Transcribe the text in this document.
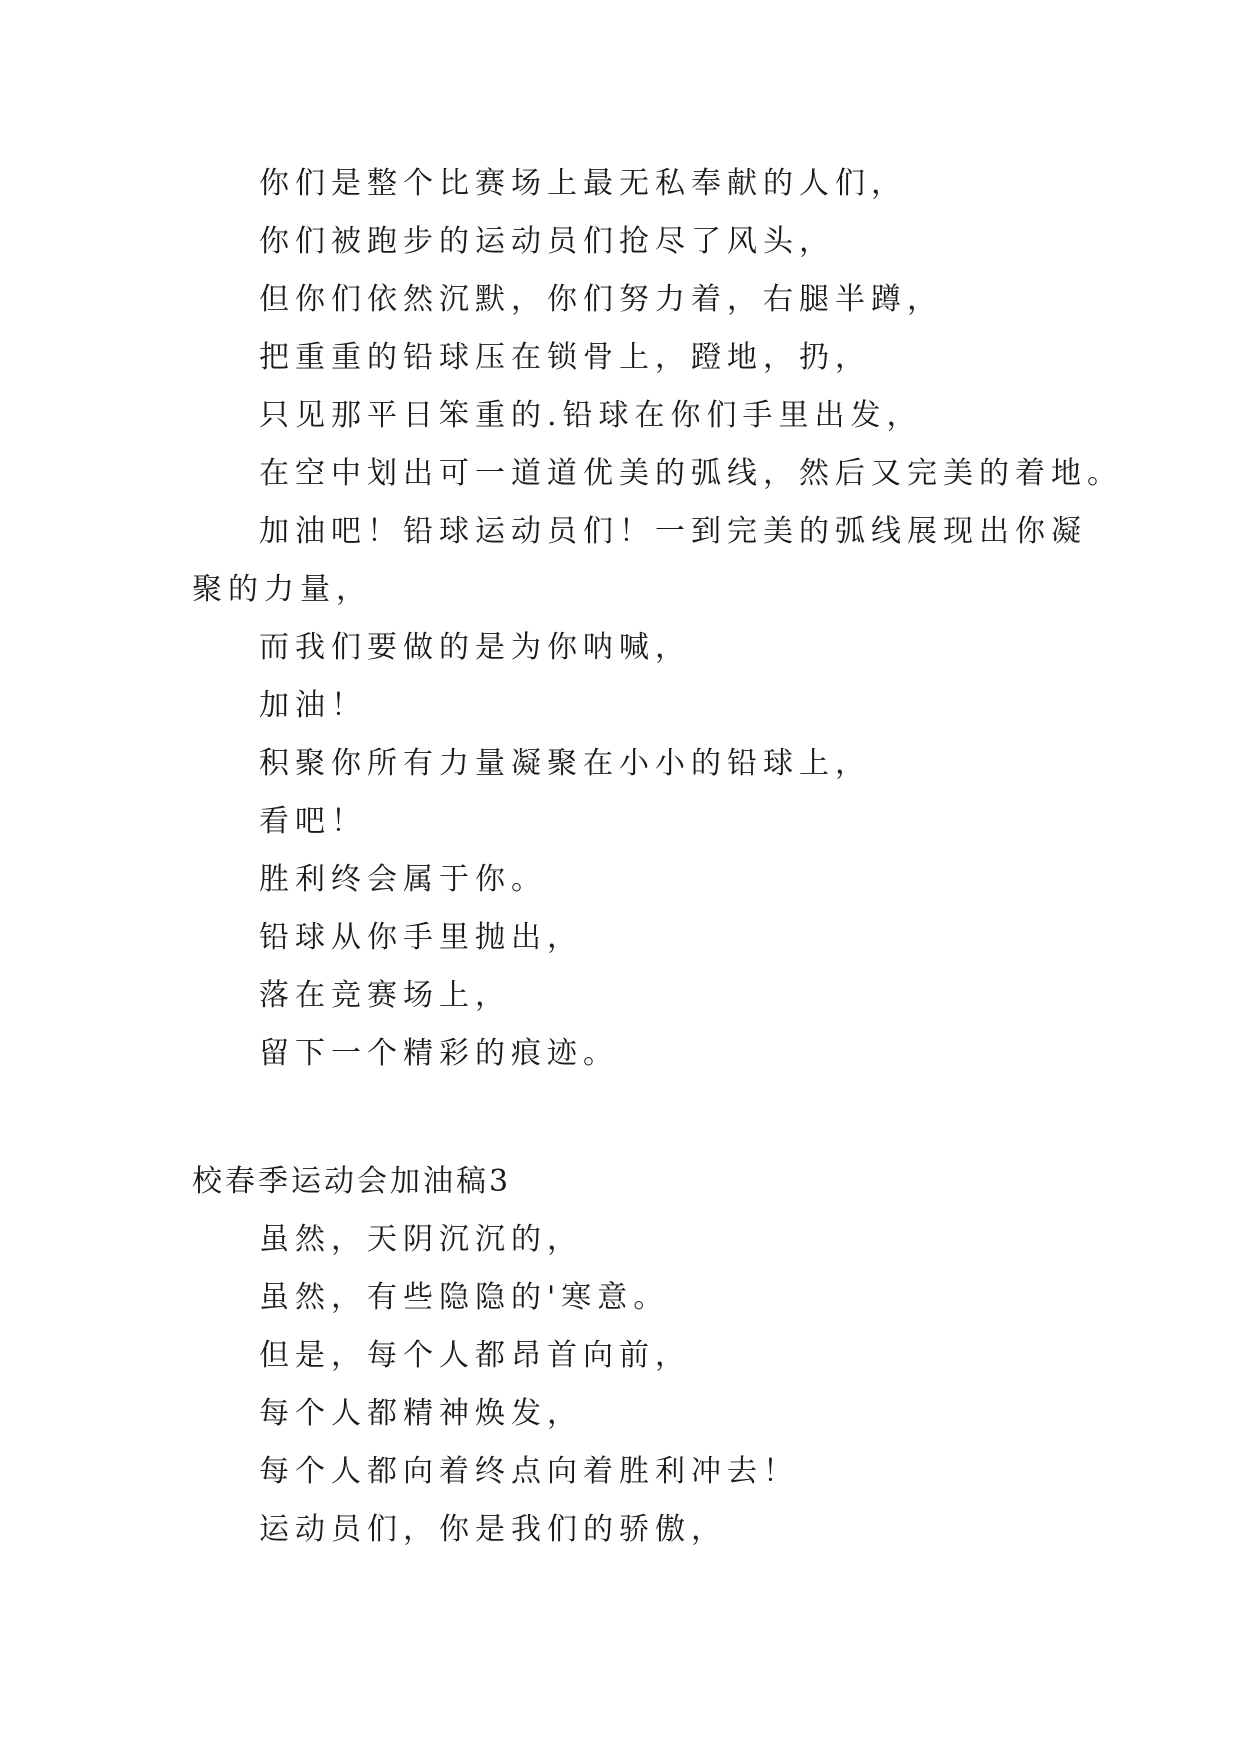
你们是整个比赛场上最无私奉献的人们，
你们被跑步的运动员们抢尽了风头，
但你们依然沉默，你们努力着，右腿半蹲，
把重重的铅球压在锁骨上，蹬地，扔，
只见那平日笨重的.铅球在你们手里出发，
在空中划出可一道道优美的弧线，然后又完美的着地。
加油吧！铅球运动员们！一到完美的弧线展现出你凝
聚的力量，
而我们要做的是为你呐喊，
加油！
积聚你所有力量凝聚在小小的铅球上，
看吧！
胜利终会属于你。
铅球从你手里抛出，
落在竞赛场上，
留下一个精彩的痕迹。
校春季运动会加油稿3
虽然，天阴沉沉的，
虽然，有些隐隐的'寒意。
但是，每个人都昂首向前，
每个人都精神焕发，
每个人都向着终点向着胜利冲去！
运动员们，你是我们的骄傲，
